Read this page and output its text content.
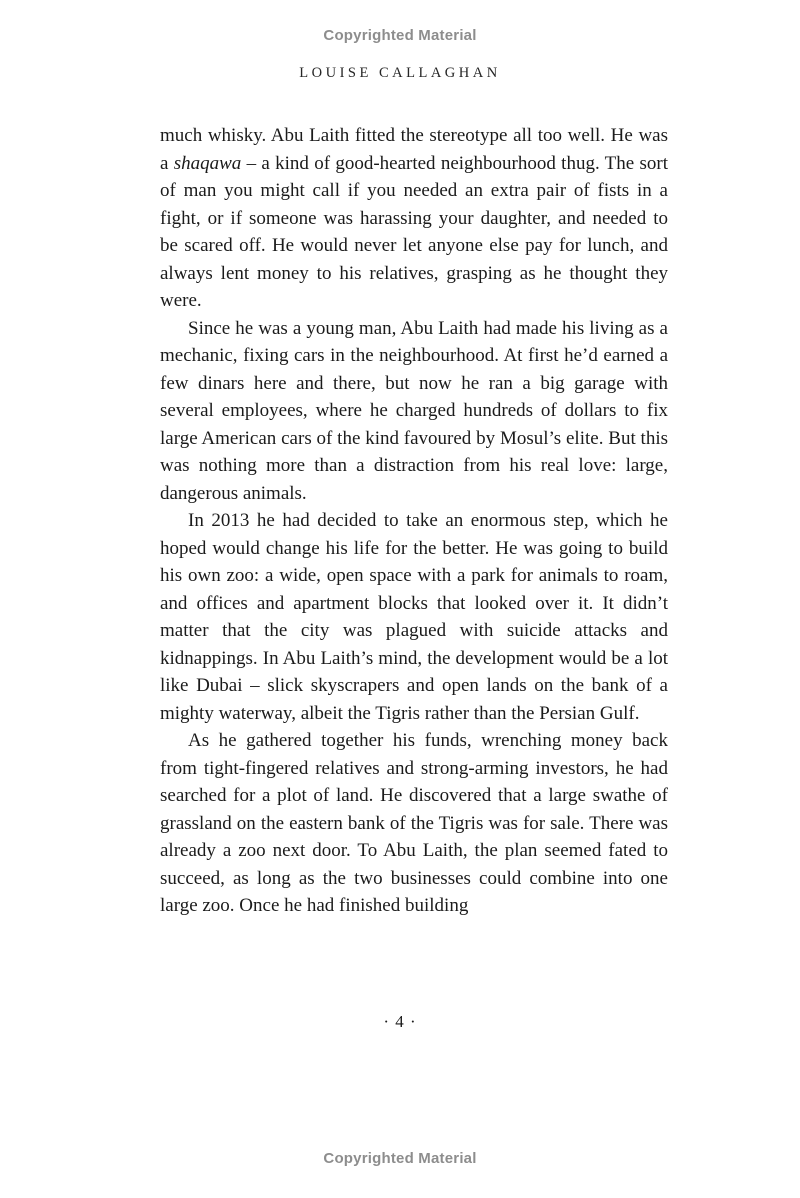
Copyrighted Material
LOUISE CALLAGHAN

much whisky. Abu Laith fitted the stereotype all too well. He was a shaqawa – a kind of good-hearted neighbourhood thug. The sort of man you might call if you needed an extra pair of fists in a fight, or if someone was harassing your daughter, and needed to be scared off. He would never let anyone else pay for lunch, and always lent money to his relatives, grasping as he thought they were.

Since he was a young man, Abu Laith had made his living as a mechanic, fixing cars in the neighbourhood. At first he’d earned a few dinars here and there, but now he ran a big garage with several employees, where he charged hundreds of dollars to fix large American cars of the kind favoured by Mosul’s elite. But this was nothing more than a distraction from his real love: large, dangerous animals.

In 2013 he had decided to take an enormous step, which he hoped would change his life for the better. He was going to build his own zoo: a wide, open space with a park for animals to roam, and offices and apartment blocks that looked over it. It didn’t matter that the city was plagued with suicide attacks and kidnappings. In Abu Laith’s mind, the development would be a lot like Dubai – slick skyscrapers and open lands on the bank of a mighty waterway, albeit the Tigris rather than the Persian Gulf.

As he gathered together his funds, wrenching money back from tight-fingered relatives and strong-arming investors, he had searched for a plot of land. He discovered that a large swathe of grassland on the eastern bank of the Tigris was for sale. There was already a zoo next door. To Abu Laith, the plan seemed fated to succeed, as long as the two businesses could combine into one large zoo. Once he had finished building

· 4 ·
Copyrighted Material
